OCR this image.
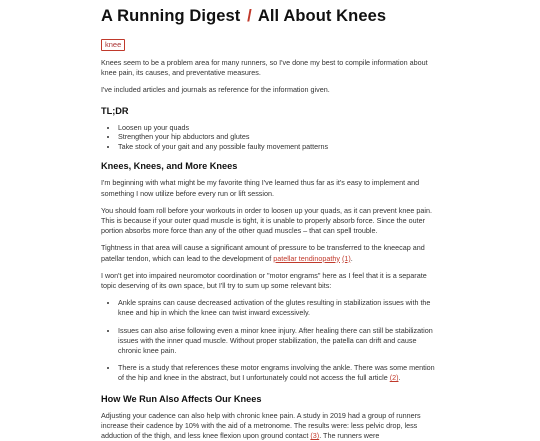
A Running Digest / All About Knees
knee

Knees seem to be a problem area for many runners, so I've done my best to compile information about knee pain, its causes, and preventative measures.

I've included articles and journals as reference for the information given.

TL;DR
• Loosen up your quads
• Strengthen your hip abductors and glutes
• Take stock of your gait and any possible faulty movement patterns
Knees, Knees, and More Knees

I'm beginning with what might be my favorite thing I've learned thus far as it's easy to implement and something I now utilize before every run or lift session.

You should foam roll before your workouts in order to loosen up your quads, as it can prevent knee pain. This is because if your outer quad muscle is tight, it is unable to properly absorb force. Since the outer portion absorbs more force than any of the other quad muscles – that can spell trouble.

Tightness in that area will cause a significant amount of pressure to be transferred to the kneecap and patellar tendon, which can lead to the development of patellar tendinopathy (1).

I won't get into impaired neuromotor coordination or "motor engrams" here as I feel that it is a separate topic deserving of its own space, but I'll try to sum up some relevant bits:

• Ankle sprains can cause decreased activation of the glutes resulting in stabilization issues with the knee and hip in which the knee can twist inward excessively.
• Issues can also arise following even a minor knee injury. After healing there can still be stabilization issues with the inner quad muscle. Without proper stabilization, the patella can drift and cause chronic knee pain.
• There is a study that references these motor engrams involving the ankle. There was some mention of the hip and knee in the abstract, but I unfortunately could not access the full article (2).
How We Run Also Affects Our Knees

Adjusting your cadence can also help with chronic knee pain. A study in 2019 had a group of runners increase their cadence by 10% with the aid of a metronome. The results were: less pelvic drop, less adduction of the thigh, and less knee flexion upon ground contact (3). The runners were
